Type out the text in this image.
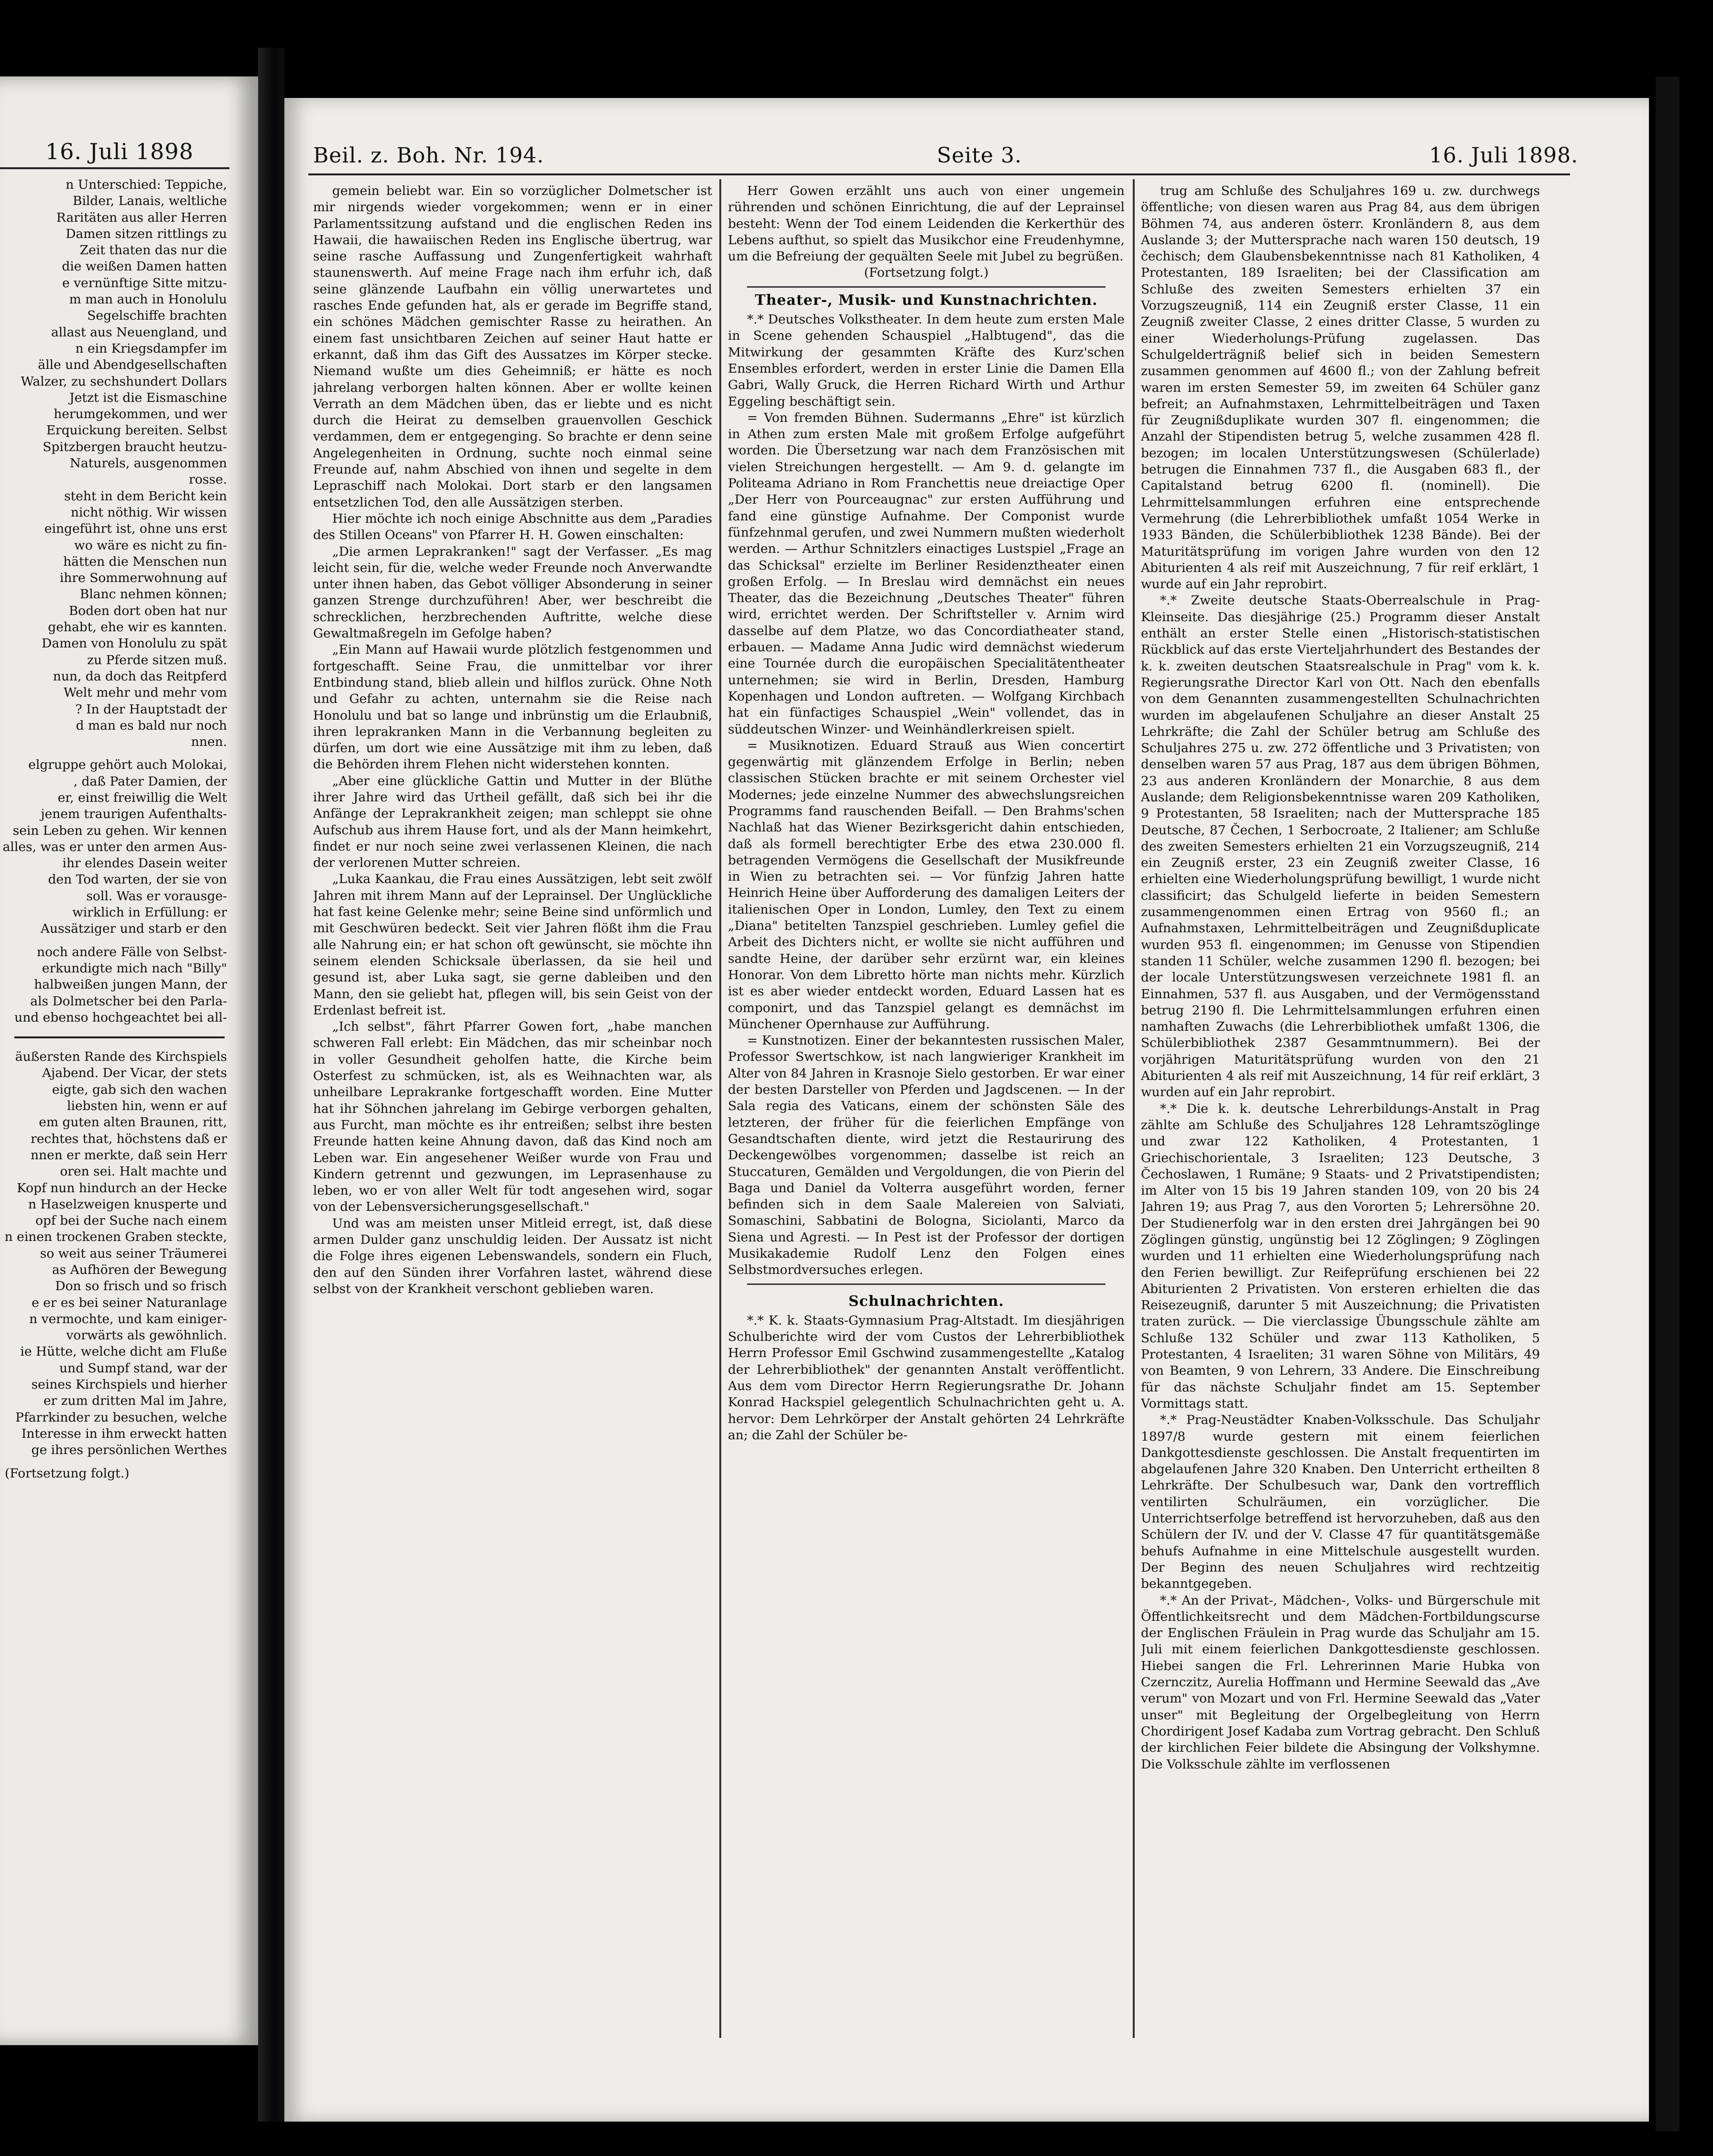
16. Juli 1898
n Unterschied: Teppiche,
Bilder, Lanais, weltliche
Raritäten aus aller Herren
Damen sitzen rittlings zu
Zeit thaten das nur die
die weißen Damen hatten
e vernünftige Sitte mitzu-
m man auch in Honolulu
Segelschiffe brachten
allast aus Neuengland, und
n ein Kriegsdampfer im
älle und Abendgesellschaften
Walzer, zu sechshundert Dollars
Jetzt ist die Eismaschine
herumgekommen, und wer
Erquickung bereiten. Selbst
Spitzbergen braucht heutzu-
Naturels, ausgenommen
rosse.
steht in dem Bericht kein
nicht nöthig. Wir wissen
eingeführt ist, ohne uns erst
wo wäre es nicht zu fin-
hätten die Menschen nun
ihre Sommerwohnung auf
Blanc nehmen können;
Boden dort oben hat nur
gehabt, ehe wir es kannten.
Damen von Honolulu zu spät
zu Pferde sitzen muß.
nun, da doch das Reitpferd
Welt mehr und mehr vom
? In der Hauptstadt der
d man es bald nur noch
nnen.
elgruppe gehört auch Molokai,
, daß Pater Damien, der
er, einst freiwillig die Welt
jenem traurigen Aufenthalts-
sein Leben zu gehen. Wir kennen
alles, was er unter den armen Aus-
ihr elendes Dasein weiter
den Tod warten, der sie von
soll. Was er vorausge-
wirklich in Erfüllung: er
Aussätziger und starb er den
noch andere Fälle von Selbst-
erkundigte mich nach "Billy"
halbweißen jungen Mann, der
als Dolmetscher bei den Parla-
und ebenso hochgeachtet bei all-
äußersten Rande des Kirchspiels
Ajabend. Der Vicar, der stets
eigte, gab sich den wachen
liebsten hin, wenn er auf
em guten alten Braunen, ritt,
rechtes that, höchstens daß er
nnen er merkte, daß sein Herr
oren sei. Halt machte und
Kopf nun hindurch an der Hecke
n Haselzweigen knusperte und
opf bei der Suche nach einem
n einen trockenen Graben steckte,
so weit aus seiner Träumerei
as Aufhören der Bewegung
Don so frisch und so frisch
e er es bei seiner Naturanlage
n vermochte, und kam einiger-
vorwärts als gewöhnlich.
ie Hütte, welche dicht am Fluße
und Sumpf stand, war der
seines Kirchspiels und hierher
er zum dritten Mal im Jahre,
Pfarrkinder zu besuchen, welche
Interesse in ihm erweckt hatten
ge ihres persönlichen Werthes
(Fortsetzung folgt.)
Beil. z. Boh. Nr. 194.	Seite 3.	16. Juli 1898.

gemein beliebt war. Ein so vorzüglicher Dolmetscher ist mir nirgends wieder vorgekommen; wenn er in einer Parlamentssitzung aufstand und die englischen Reden ins Hawaii, die hawaiischen Reden ins Englische übertrug, war seine rasche Auffassung und Zungenfertigkeit wahrhaft staunenswerth. Auf meine Frage nach ihm erfuhr ich, daß seine glänzende Laufbahn ein völlig unerwartetes und rasches Ende gefunden hat, als er gerade im Begriffe stand, ein schönes Mädchen gemischter Rasse zu heirathen. An einem fast unsichtbaren Zeichen auf seiner Haut hatte er erkannt, daß ihm das Gift des Aussatzes im Körper stecke. Niemand wußte um dies Geheimniß; er hätte es noch jahrelang verborgen halten können. Aber er wollte keinen Verrath an dem Mädchen üben, das er liebte und es nicht durch die Heirat zu demselben grauenvollen Geschick verdammen, dem er entgegenging. So brachte er denn seine Angelegenheiten in Ordnung, suchte noch einmal seine Freunde auf, nahm Abschied von ihnen und segelte in dem Lepraschiff nach Molokai. Dort starb er den langsamen entsetzlichen Tod, den alle Aussätzigen sterben.

Hier möchte ich noch einige Abschnitte aus dem „Paradies des Stillen Oceans" von Pfarrer H. H. Gowen einschalten:

„Die armen Leprakranken!" sagt der Verfasser. „Es mag leicht sein, für die, welche weder Freunde noch Anverwandte unter ihnen haben, das Gebot völliger Absonderung in seiner ganzen Strenge durchzuführen! Aber, wer beschreibt die schrecklichen, herzbrechenden Auftritte, welche diese Gewaltmaßregeln im Gefolge haben?

„Ein Mann auf Hawaii wurde plötzlich festgenommen und fortgeschafft. Seine Frau, die unmittelbar vor ihrer Entbindung stand, blieb allein und hilflos zurück. Ohne Noth und Gefahr zu achten, unternahm sie die Reise nach Honolulu und bat so lange und inbrünstig um die Erlaubniß, ihren leprakranken Mann in die Verbannung begleiten zu dürfen, um dort wie eine Aussätzige mit ihm zu leben, daß die Behörden ihrem Flehen nicht widerstehen konnten.

„Aber eine glückliche Gattin und Mutter in der Blüthe ihrer Jahre wird das Urtheil gefällt, daß sich bei ihr die Anfänge der Leprakrankheit zeigen; man schleppt sie ohne Aufschub aus ihrem Hause fort, und als der Mann heimkehrt, findet er nur noch seine zwei verlassenen Kleinen, die nach der verlorenen Mutter schreien.

„Luka Kaankau, die Frau eines Aussätzigen, lebt seit zwölf Jahren mit ihrem Mann auf der Leprainsel. Der Unglückliche hat fast keine Gelenke mehr; seine Beine sind unförmlich und mit Geschwüren bedeckt. Seit vier Jahren flößt ihm die Frau alle Nahrung ein; er hat schon oft gewünscht, sie möchte ihn seinem elenden Schicksale überlassen, da sie heil und gesund ist, aber Luka sagt, sie gerne dableiben und den Mann, den sie geliebt hat, pflegen will, bis sein Geist von der Erdenlast befreit ist.

„Ich selbst", fährt Pfarrer Gowen fort, „habe manchen schweren Fall erlebt: Ein Mädchen, das mir scheinbar noch in voller Gesundheit geholfen hatte, die Kirche beim Osterfest zu schmücken, ist, als es Weihnachten war, als unheilbare Leprakranke fortgeschafft worden. Eine Mutter hat ihr Söhnchen jahrelang im Gebirge verborgen gehalten, aus Furcht, man möchte es ihr entreißen; selbst ihre besten Freunde hatten keine Ahnung davon, daß das Kind noch am Leben war. Ein angesehener Weißer wurde von Frau und Kindern getrennt und gezwungen, im Leprasenhause zu leben, wo er von aller Welt für todt angesehen wird, sogar von der Lebensversicherungsgesellschaft."

Und was am meisten unser Mitleid erregt, ist, daß diese armen Dulder ganz unschuldig leiden. Der Aussatz ist nicht die Folge ihres eigenen Lebenswandels, sondern ein Fluch, den auf den Sünden ihrer Vorfahren lastet, während diese selbst von der Krankheit verschont geblieben waren.

Herr Gowen erzählt uns auch von einer ungemein rührenden und schönen Einrichtung, die auf der Leprainsel besteht: Wenn der Tod einem Leidenden die Kerkerthür des Lebens aufthut, so spielt das Musikchor eine Freudenhymne, um die Befreiung der gequälten Seele mit Jubel zu begrüßen.

(Fortsetzung folgt.)

Theater-, Musik- und Kunstnachrichten.

*.* Deutsches Volkstheater. In dem heute zum ersten Male in Scene gehenden Schauspiel „Halbtugend", das die Mitwirkung der gesammten Kräfte des Kurz'schen Ensembles erfordert, werden in erster Linie die Damen Ella Gabri, Wally Gruck, die Herren Richard Wirth und Arthur Eggeling beschäftigt sein.

= Von fremden Bühnen. Sudermanns „Ehre" ist kürzlich in Athen zum ersten Male mit großem Erfolge aufgeführt worden. Die Übersetzung war nach dem Französischen mit vielen Streichungen hergestellt. — Am 9. d. gelangte im Politeama Adriano in Rom Franchettis neue dreiactige Oper „Der Herr von Pourceaugnac" zur ersten Aufführung und fand eine günstige Aufnahme. Der Componist wurde fünfzehnmal gerufen, und zwei Nummern mußten wiederholt werden. — Arthur Schnitzlers einactiges Lustspiel „Frage an das Schicksal" erzielte im Berliner Residenztheater einen großen Erfolg. — In Breslau wird demnächst ein neues Theater, das die Bezeichnung „Deutsches Theater" führen wird, errichtet werden. Der Schriftsteller v. Arnim wird dasselbe auf dem Platze, wo das Concordiatheater stand, erbauen. — Madame Anna Judic wird demnächst wiederum eine Tournée durch die europäischen Specialitätentheater unternehmen; sie wird in Berlin, Dresden, Hamburg Kopenhagen und London auftreten. — Wolfgang Kirchbach hat ein fünfactiges Schauspiel „Wein" vollendet, das in süddeutschen Winzer- und Weinhändlerkreisen spielt.

= Musiknotizen. Eduard Strauß aus Wien concertirt gegenwärtig mit glänzendem Erfolge in Berlin; neben classischen Stücken brachte er mit seinem Orchester viel Modernes; jede einzelne Nummer des abwechslungsreichen Programms fand rauschenden Beifall. — Den Brahms'schen Nachlaß hat das Wiener Bezirksgericht dahin entschieden, daß als formell berechtigter Erbe des etwa 230.000 fl. betragenden Vermögens die Gesellschaft der Musikfreunde in Wien zu betrachten sei. — Vor fünfzig Jahren hatte Heinrich Heine über Aufforderung des damaligen Leiters der italienischen Oper in London, Lumley, den Text zu einem „Diana" betitelten Tanzspiel geschrieben. Lumley gefiel die Arbeit des Dichters nicht, er wollte sie nicht aufführen und sandte Heine, der darüber sehr erzürnt war, ein kleines Honorar. Von dem Libretto hörte man nichts mehr. Kürzlich ist es aber wieder entdeckt worden, Eduard Lassen hat es componirt, und das Tanzspiel gelangt es demnächst im Münchener Opernhause zur Aufführung.

= Kunstnotizen. Einer der bekanntesten russischen Maler, Professor Swertschkow, ist nach langwieriger Krankheit im Alter von 84 Jahren in Krasnoje Sielo gestorben. Er war einer der besten Darsteller von Pferden und Jagdscenen. — In der Sala regia des Vaticans, einem der schönsten Säle des letzteren, der früher für die feierlichen Empfänge von Gesandtschaften diente, wird jetzt die Restaurirung des Deckengewölbes vorgenommen; dasselbe ist reich an Stuccaturen, Gemälden und Vergoldungen, die von Pierin del Baga und Daniel da Volterra ausgeführt worden, ferner befinden sich in dem Saale Malereien von Salviati, Somaschini, Sabbatini de Bologna, Siciolanti, Marco da Siena und Agresti. — In Pest ist der Professor der dortigen Musikakademie Rudolf Lenz den Folgen eines Selbstmordversuches erlegen.

Schulnachrichten.

*.* K. k. Staats-Gymnasium Prag-Altstadt. Im diesjährigen Schulberichte wird der vom Custos der Lehrerbibliothek Herrn Professor Emil Gschwind zusammengestellte „Katalog der Lehrerbibliothek" der genannten Anstalt veröffentlicht. Aus dem vom Director Herrn Regierungsrathe Dr. Johann Konrad Hackspiel gelegentlich Schulnachrichten geht u. A. hervor: Dem Lehrkörper der Anstalt gehörten 24 Lehrkräfte an; die Zahl der Schüler be-

trug am Schluße des Schuljahres 169 u. zw. durchwegs öffentliche; von diesen waren aus Prag 84, aus dem übrigen Böhmen 74, aus anderen österr. Kronländern 8, aus dem Auslande 3; der Muttersprache nach waren 150 deutsch, 19 čechisch; dem Glaubensbekenntnisse nach 81 Katholiken, 4 Protestanten, 189 Israeliten; bei der Classification am Schluße des zweiten Semesters erhielten 37 ein Vorzugszeugniß, 114 ein Zeugniß erster Classe, 11 ein Zeugniß zweiter Classe, 2 eines dritter Classe, 5 wurden zu einer Wiederholungs-Prüfung zugelassen. Das Schulgelderträgniß belief sich in beiden Semestern zusammen genommen auf 4600 fl.; von der Zahlung befreit waren im ersten Semester 59, im zweiten 64 Schüler ganz befreit; an Aufnahmstaxen, Lehrmittelbeiträgen und Taxen für Zeugnißduplikate wurden 307 fl. eingenommen; die Anzahl der Stipendisten betrug 5, welche zusammen 428 fl. bezogen; im localen Unterstützungswesen (Schülerlade) betrugen die Einnahmen 737 fl., die Ausgaben 683 fl., der Capitalstand betrug 6200 fl. (nominell). Die Lehrmittelsammlungen erfuhren eine entsprechende Vermehrung (die Lehrerbibliothek umfaßt 1054 Werke in 1933 Bänden, die Schülerbibliothek 1238 Bände). Bei der Maturitätsprüfung im vorigen Jahre wurden von den 12 Abiturienten 4 als reif mit Auszeichnung, 7 für reif erklärt, 1 wurde auf ein Jahr reprobirt.

*.* Zweite deutsche Staats-Oberrealschule in Prag-Kleinseite. Das diesjährige (25.) Programm dieser Anstalt enthält an erster Stelle einen „Historisch-statistischen Rückblick auf das erste Vierteljahrhundert des Bestandes der k. k. zweiten deutschen Staatsrealschule in Prag" vom k. k. Regierungsrathe Director Karl von Ott. Nach den ebenfalls von dem Genannten zusammengestellten Schulnachrichten wurden im abgelaufenen Schuljahre an dieser Anstalt 25 Lehrkräfte; die Zahl der Schüler betrug am Schluße des Schuljahres 275 u. zw. 272 öffentliche und 3 Privatisten; von denselben waren 57 aus Prag, 187 aus dem übrigen Böhmen, 23 aus anderen Kronländern der Monarchie, 8 aus dem Auslande; dem Religionsbekenntnisse waren 209 Katholiken, 9 Protestanten, 58 Israeliten; nach der Muttersprache 185 Deutsche, 87 Čechen, 1 Serbocroate, 2 Italiener; am Schluße des zweiten Semesters erhielten 21 ein Vorzugszeugniß, 214 ein Zeugniß erster, 23 ein Zeugniß zweiter Classe, 16 erhielten eine Wiederholungsprüfung bewilligt, 1 wurde nicht classificirt; das Schulgeld lieferte in beiden Semestern zusammengenommen einen Ertrag von 9560 fl.; an Aufnahmstaxen, Lehrmittelbeiträgen und Zeugnißduplicate wurden 953 fl. eingenommen; im Genusse von Stipendien standen 11 Schüler, welche zusammen 1290 fl. bezogen; bei der locale Unterstützungswesen verzeichnete 1981 fl. an Einnahmen, 537 fl. aus Ausgaben, und der Vermögensstand betrug 2190 fl. Die Lehrmittelsammlungen erfuhren einen namhaften Zuwachs (die Lehrerbibliothek umfaßt 1306, die Schülerbibliothek 2387 Gesammtnummern). Bei der vorjährigen Maturitätsprüfung wurden von den 21 Abiturienten 4 als reif mit Auszeichnung, 14 für reif erklärt, 3 wurden auf ein Jahr reprobirt.

*.* Die k. k. deutsche Lehrerbildungs-Anstalt in Prag zählte am Schluße des Schuljahres 128 Lehramtszöglinge und zwar 122 Katholiken, 4 Protestanten, 1 Griechischorientale, 3 Israeliten; 123 Deutsche, 3 Čechoslawen, 1 Rumäne; 9 Staats- und 2 Privatstipendisten; im Alter von 15 bis 19 Jahren standen 109, von 20 bis 24 Jahren 19; aus Prag 7, aus den Vororten 5; Lehrersöhne 20. Der Studienerfolg war in den ersten drei Jahrgängen bei 90 Zöglingen günstig, ungünstig bei 12 Zöglingen; 9 Zöglingen wurden und 11 erhielten eine Wiederholungsprüfung nach den Ferien bewilligt. Zur Reifeprüfung erschienen bei 22 Abiturienten 2 Privatisten. Von ersteren erhielten die das Reisezeugniß, darunter 5 mit Auszeichnung; die Privatisten traten zurück. — Die vierclassige Übungsschule zählte am Schluße 132 Schüler und zwar 113 Katholiken, 5 Protestanten, 4 Israeliten; 31 waren Söhne von Militärs, 49 von Beamten, 9 von Lehrern, 33 Andere. Die Einschreibung für das nächste Schuljahr findet am 15. September Vormittags statt.

*.* Prag-Neustädter Knaben-Volksschule. Das Schuljahr 1897/8 wurde gestern mit einem feierlichen Dankgottesdienste geschlossen. Die Anstalt frequentirten im abgelaufenen Jahre 320 Knaben. Den Unterricht ertheilten 8 Lehrkräfte. Der Schulbesuch war, Dank den vortrefflich ventilirten Schulräumen, ein vorzüglicher. Die Unterrichtserfolge betreffend ist hervorzuheben, daß aus den Schülern der IV. und der V. Classe 47 für quantitätsgemäße behufs Aufnahme in eine Mittelschule ausgestellt wurden. Der Beginn des neuen Schuljahres wird rechtzeitig bekanntgegeben.

*.* An der Privat-, Mädchen-, Volks- und Bürgerschule mit Öffentlichkeitsrecht und dem Mädchen-Fortbildungscurse der Englischen Fräulein in Prag wurde das Schuljahr am 15. Juli mit einem feierlichen Dankgottesdienste geschlossen. Hiebei sangen die Frl. Lehrerinnen Marie Hubka von Czernczitz, Aurelia Hoffmann und Hermine Seewald das „Ave verum" von Mozart und von Frl. Hermine Seewald das „Vater unser" mit Begleitung der Orgelbegleitung von Herrn Chordirigent Josef Kadaba zum Vortrag gebracht. Den Schluß der kirchlichen Feier bildete die Absingung der Volkshymne. Die Volksschule zählte im verflossenen
